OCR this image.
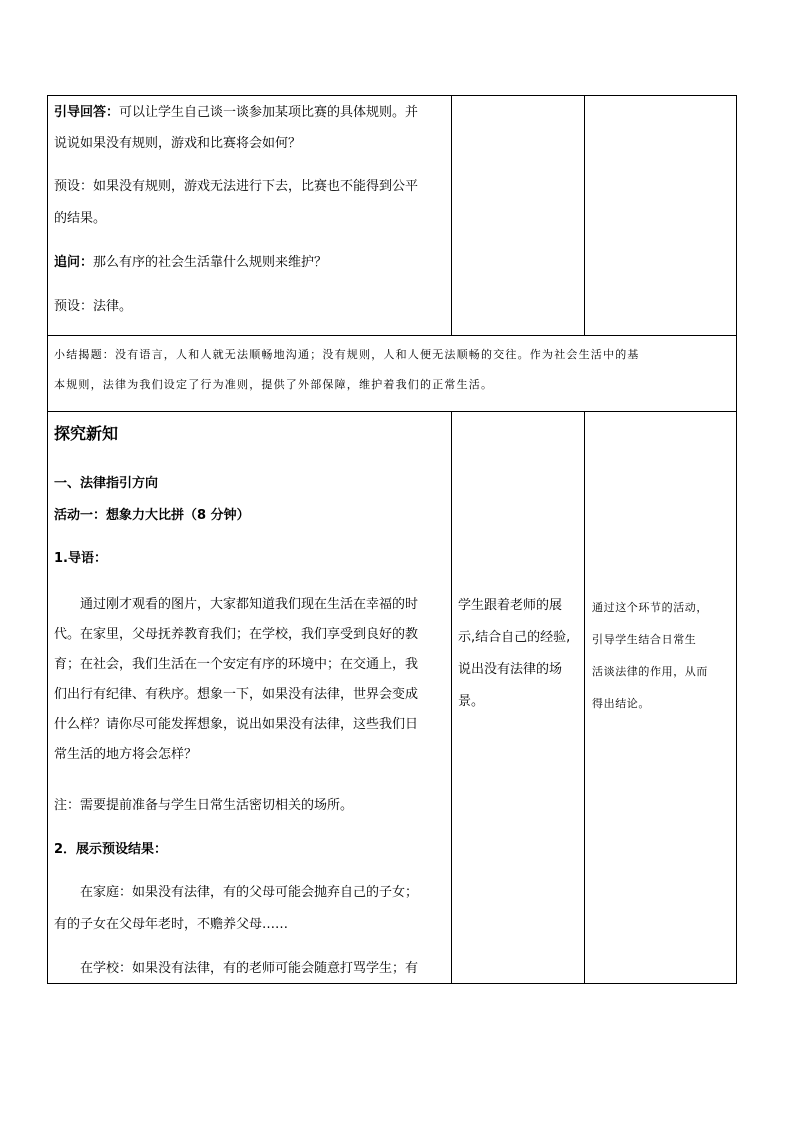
引导回答：可以让学生自己谈一谈参加某项比赛的具体规则。并
说说如果没有规则，游戏和比赛将会如何？
预设：如果没有规则，游戏无法进行下去，比赛也不能得到公平
的结果。
追问：那么有序的社会生活靠什么规则来维护？
预设：法律。
小结揭题：没有语言，人和人就无法顺畅地沟通；没有规则，人和人便无法顺畅的交往。作为社会生活中的基
本规则，法律为我们设定了行为准则，提供了外部保障，维护着我们的正常生活。
探究新知
一、法律指引方向
活动一：想象力大比拼（8 分钟）
1.导语：
通过刚才观看的图片，大家都知道我们现在生活在幸福的时
代。在家里，父母抚养教育我们；在学校，我们享受到良好的教
育；在社会，我们生活在一个安定有序的环境中；在交通上，我
们出行有纪律、有秩序。想象一下，如果没有法律，世界会变成
什么样？请你尽可能发挥想象，说出如果没有法律，这些我们日
常生活的地方将会怎样？
注：需要提前准备与学生日常生活密切相关的场所。
2．展示预设结果：
在家庭：如果没有法律，有的父母可能会抛弃自己的子女；
有的子女在父母年老时，不赡养父母……
在学校：如果没有法律，有的老师可能会随意打骂学生；有
学生跟着老师的展
示,结合自己的经验,
说出没有法律的场
景。
通过这个环节的活动，
引导学生结合日常生
活谈法律的作用，从而
得出结论。
